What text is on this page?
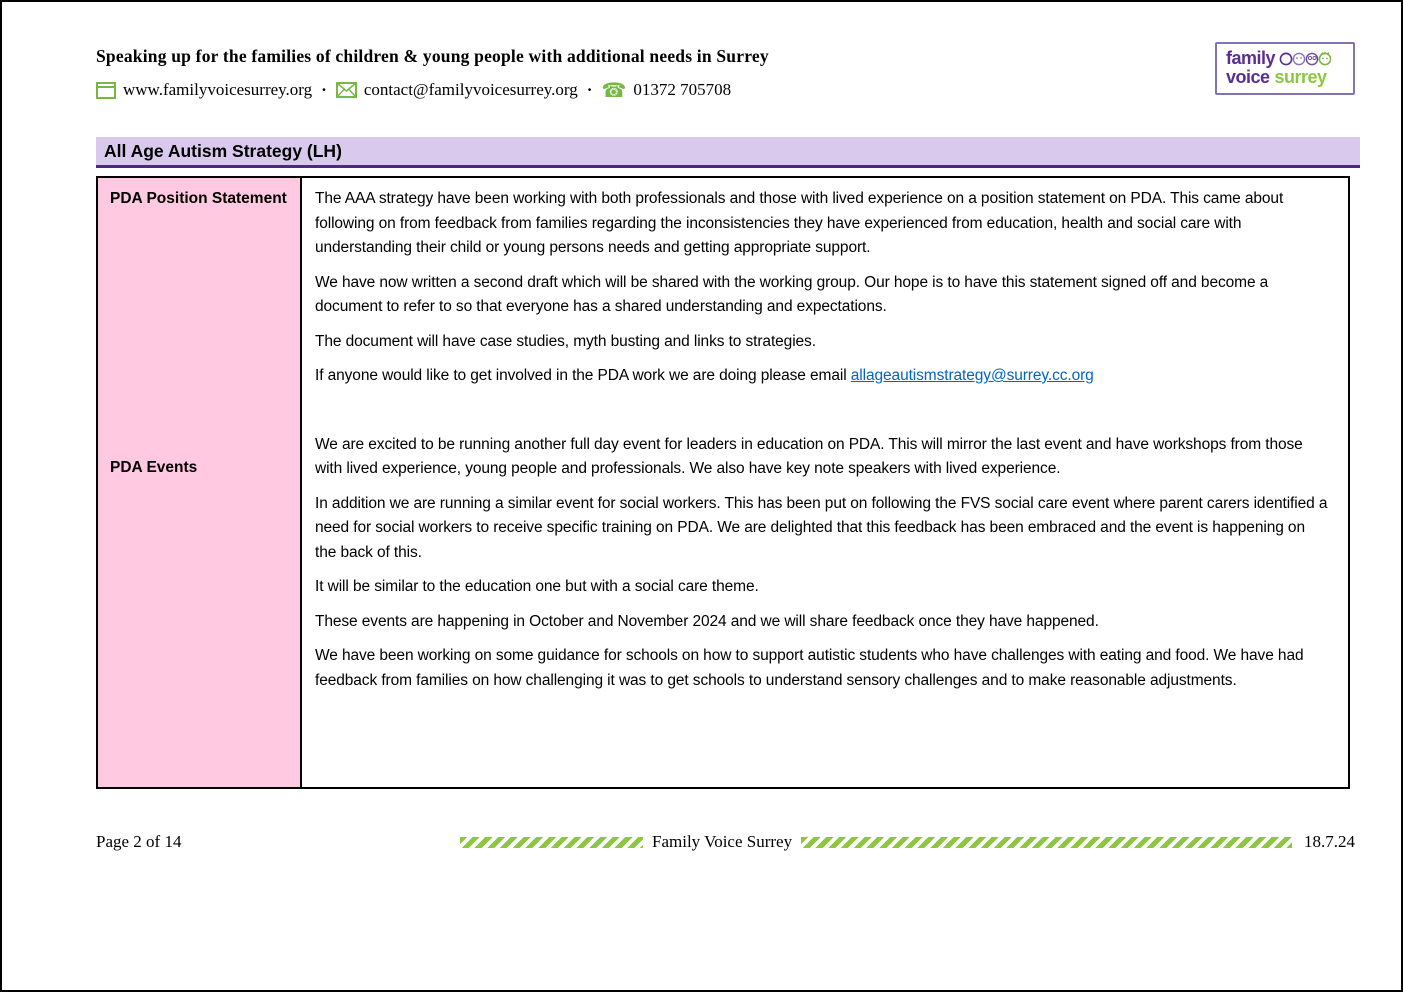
Speaking up for the families of children & young people with additional needs in Surrey
www.familyvoicesurrey.org · contact@familyvoicesurrey.org · ☎ 01372 705708
family
voice surrey
All Age Autism Strategy (LH)
PDA Position Statement
PDA Events

The AAA strategy have been working with both professionals and those with lived experience on a position statement on PDA. This came about following on from feedback from families regarding the inconsistencies they have experienced from education, health and social care with understanding their child or young persons needs and getting appropriate support.

We have now written a second draft which will be shared with the working group. Our hope is to have this statement signed off and become a document to refer to so that everyone has a shared understanding and expectations.

The document will have case studies, myth busting and links to strategies.

If anyone would like to get involved in the PDA work we are doing please email allageautismstrategy@surrey.cc.org

We are excited to be running another full day event for leaders in education on PDA. This will mirror the last event and have workshops from those with lived experience, young people and professionals. We also have key note speakers with lived experience.

In addition we are running a similar event for social workers. This has been put on following the FVS social care event where parent carers identified a need for social workers to receive specific training on PDA. We are delighted that this feedback has been embraced and the event is happening on the back of this.

It will be similar to the education one but with a social care theme.

These events are happening in October and November 2024 and we will share feedback once they have happened.

We have been working on some guidance for schools on how to support autistic students who have challenges with eating and food. We have had feedback from families on how challenging it was to get schools to understand sensory challenges and to make reasonable adjustments.

Page 2 of 14	Family Voice Surrey	18.7.24
